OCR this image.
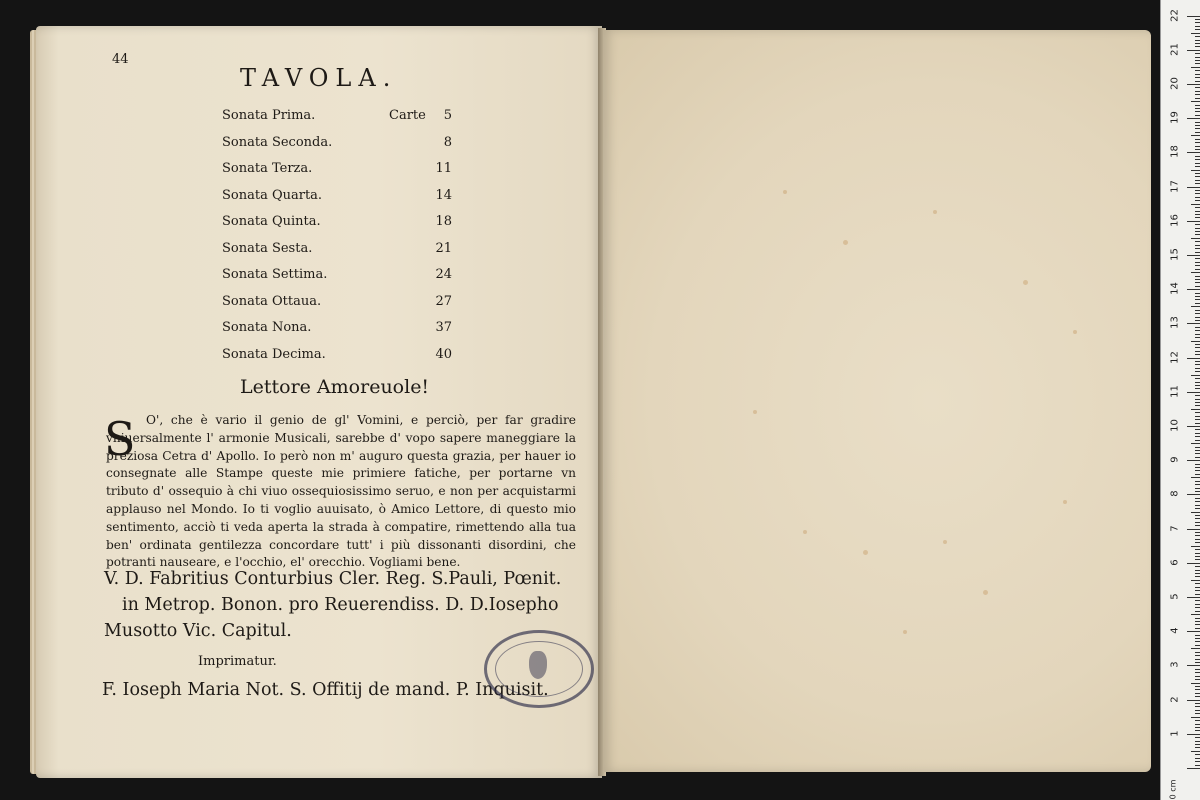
44
TAVOLA.
Sonata Prima.	Carte	5
Sonata Seconda.	8
Sonata Terza.	11
Sonata Quarta.	14
Sonata Quinta.	18
Sonata Sesta.	21
Sonata Settima.	24
Sonata Ottaua.	27
Sonata Nona.	37
Sonata Decima.	40
Lettore Amoreuole!
S O', che è vario il genio de gl' Vomini, e perciò, per far gradire vniuersalmente l' armonie Musicali, sarebbe d' vopo sapere maneggiare la preziosa Cetra d' Apollo. Io però non m' auguro questa grazia, per hauer io consegnate alle Stampe queste mie primiere fatiche, per portarne vn tributo d' ossequio à chi viuo ossequiosissimo seruo, e non per acquistarmi applauso nel Mondo. Io ti voglio auuisato, ò Amico Lettore, di questo mio sentimento, acciò ti veda aperta la strada à compatire, rimettendo alla tua ben' ordinata gentilezza concordare tutt' i più dissonanti disordini, che potranti nauseare, e l'occhio, el' orecchio. Vogliami bene.
V. D. Fabritius Conturbius Cler. Reg. S.Pauli, Pœnit.
in Metrop. Bonon. pro Reuerendiss. D. D.Iosepho
Musotto Vic. Capitul.
Imprimatur.
F. Ioseph Maria Not. S. Offitij de mand. P. Inquisit.
0 cm
1
2
3
4
5
6
7
8
9
10
11
12
13
14
15
16
17
18
19
20
21
22
